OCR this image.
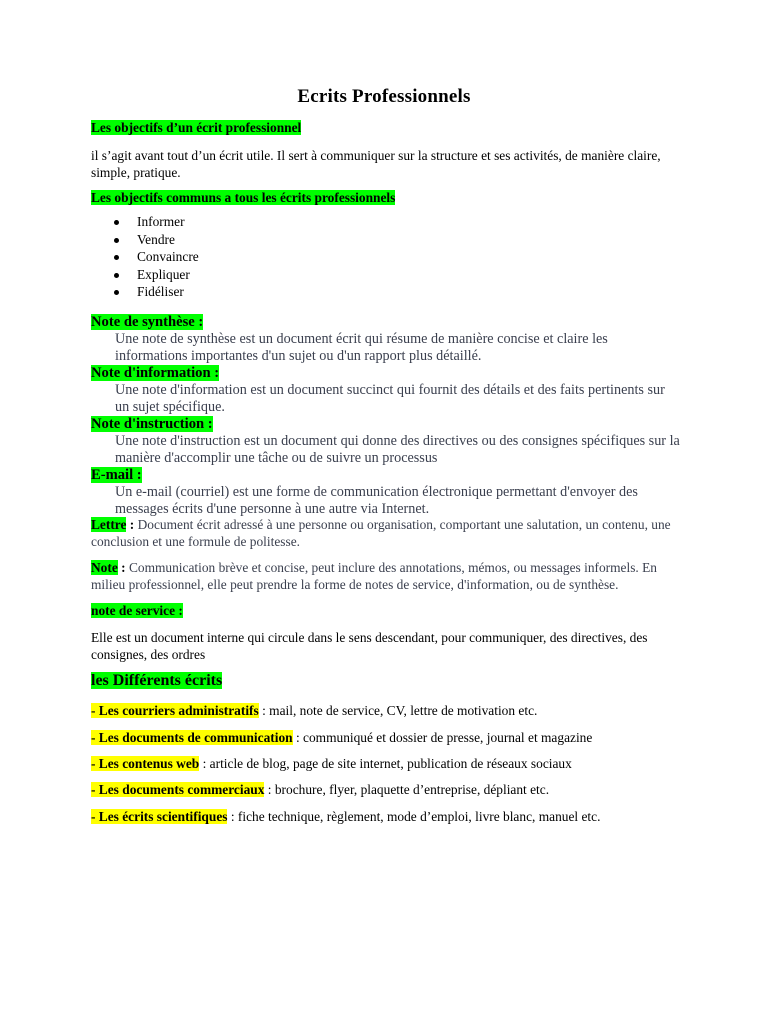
Ecrits Professionnels
Les objectifs d’un écrit professionnel
il s’agit avant tout d’un écrit utile. Il sert à communiquer sur la structure et ses activités, de manière claire, simple, pratique.
Les objectifs communs a tous les écrits professionnels
Informer
Vendre
Convaincre
Expliquer
Fidéliser
Note de synthèse :
Une note de synthèse est un document écrit qui résume de manière concise et claire les informations importantes d'un sujet ou d'un rapport plus détaillé.
Note d'information :
Une note d'information est un document succinct qui fournit des détails et des faits pertinents sur un sujet spécifique.
Note d'instruction :
Une note d'instruction est un document qui donne des directives ou des consignes spécifiques sur la manière d'accomplir une tâche ou de suivre un processus
E-mail :
Un e-mail (courriel) est une forme de communication électronique permettant d'envoyer des messages écrits d'une personne à une autre via Internet.
Lettre : Document écrit adressé à une personne ou organisation, comportant une salutation, un contenu, une conclusion et une formule de politesse.
Note : Communication brève et concise, peut inclure des annotations, mémos, ou messages informels. En milieu professionnel, elle peut prendre la forme de notes de service, d'information, ou de synthèse.
note de service :
Elle est un document interne qui circule dans le sens descendant, pour communiquer, des directives, des consignes, des ordres
les Différents écrits
- Les courriers administratifs : mail, note de service, CV, lettre de motivation etc.
- Les documents de communication : communiqué et dossier de presse, journal et magazine
- Les contenus web : article de blog, page de site internet, publication de réseaux sociaux
- Les documents commerciaux : brochure, flyer, plaquette d’entreprise, dépliant etc.
- Les écrits scientifiques : fiche technique, règlement, mode d’emploi, livre blanc, manuel etc.
